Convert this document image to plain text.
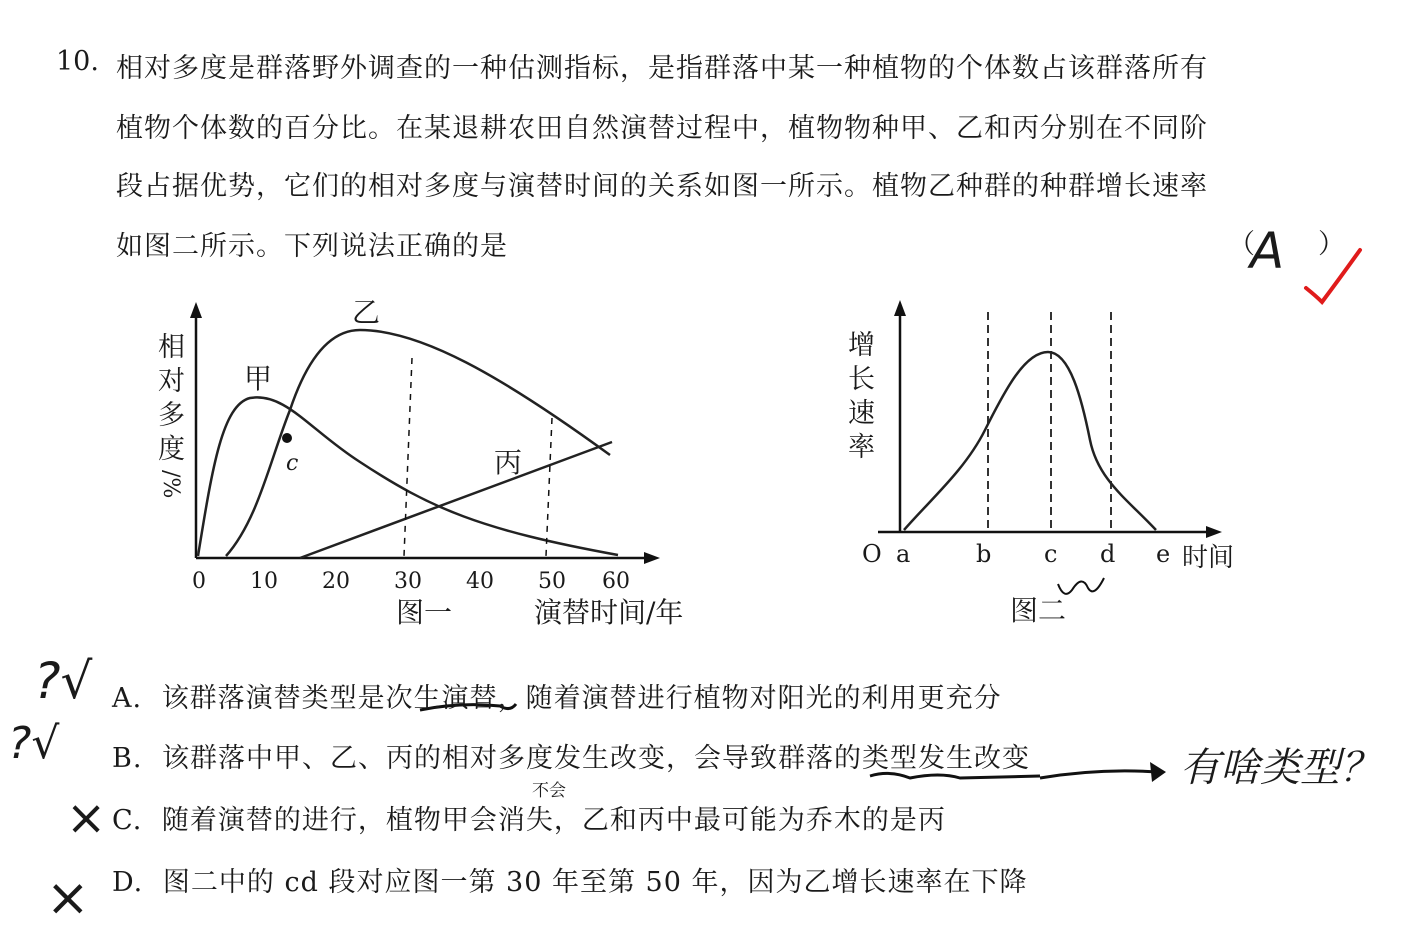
10. 相对多度是群落野外调查的一种估测指标，是指群落中某一种植物的个体数占该群落所有
植物个体数的百分比。在某退耕农田自然演替过程中，植物物种甲、乙和丙分别在不同阶
段占据优势，它们的相对多度与演替时间的关系如图一所示。植物乙种群的种群增长速率
如图二所示。下列说法正确的是	（ ）
A
c
甲
乙
丙
相
对
多
度
/%
0 10 20 30 40 50 60
图一	演替时间/年
增
长
速
率
O a	b c d e 时间
图二
A. 该群落演替类型是次生演替，随着演替进行植物对阳光的利用更充分
B. 该群落中甲、乙、丙的相对多度发生改变，会导致群落的类型发生改变
C. 随着演替的进行，植物甲会消失，乙和丙中最可能为乔木的是丙
D. 图二中的 cd 段对应图一第 30 年至第 50 年，因为乙增长速率在下降
?√
?√
×
×
不会	有啥类型？
